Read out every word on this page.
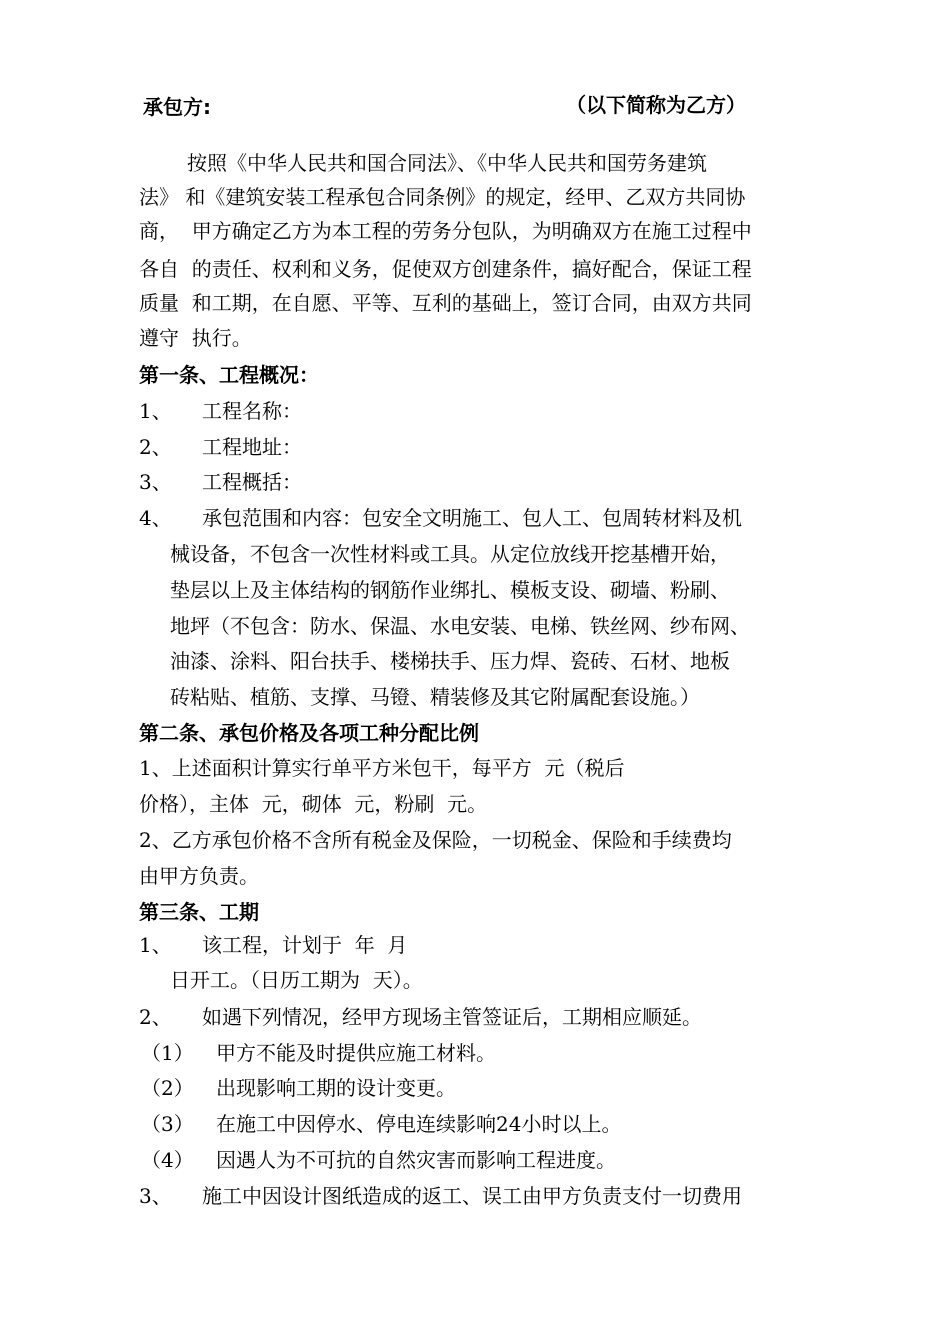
承包方:	（以下简称为乙方）
按照《中华人民共和国合同法》、《中华人民共和国劳务建筑
法》 和《建筑安装工程承包合同条例》的规定，经甲、乙双方共同协
商，  甲方确定乙方为本工程的劳务分包队，为明确双方在施工过程中
各自  的责任、权利和义务，促使双方创建条件，搞好配合，保证工程
质量  和工期，在自愿、平等、互利的基础上，签订合同，由双方共同
遵守  执行。
第一条、工程概况：
1、 工程名称：
2、 工程地址：
3、 工程概括：
4、 承包范围和内容：包安全文明施工、包人工、包周转材料及机
械设备，不包含一次性材料或工具。从定位放线开挖基槽开始，
垫层以上及主体结构的钢筋作业绑扎、模板支设、砌墙、粉刷、
地坪（不包含：防水、保温、水电安装、电梯、铁丝网、纱布网、
油漆、涂料、阳台扶手、楼梯扶手、压力焊、瓷砖、石材、地板
砖粘贴、植筋、支撑、马镫、精装修及其它附属配套设施。）
第二条、承包价格及各项工种分配比例
1、上述面积计算实行单平方米包干，每平方  元（税后
价格），主体  元，砌体  元，粉刷  元。
2、乙方承包价格不含所有税金及保险，一切税金、保险和手续费均
由甲方负责。
第三条、工期
1、 该工程，计划于  年  月
日开工。（日历工期为  天）。
2、 如遇下列情况，经甲方现场主管签证后，工期相应顺延。
（1） 甲方不能及时提供应施工材料。
（2） 出现影响工期的设计变更。
（3） 在施工中因停水、停电连续影响24小时以上。
（4） 因遇人为不可抗的自然灾害而影响工程进度。
3、 施工中因设计图纸造成的返工、误工由甲方负责支付一切费用
